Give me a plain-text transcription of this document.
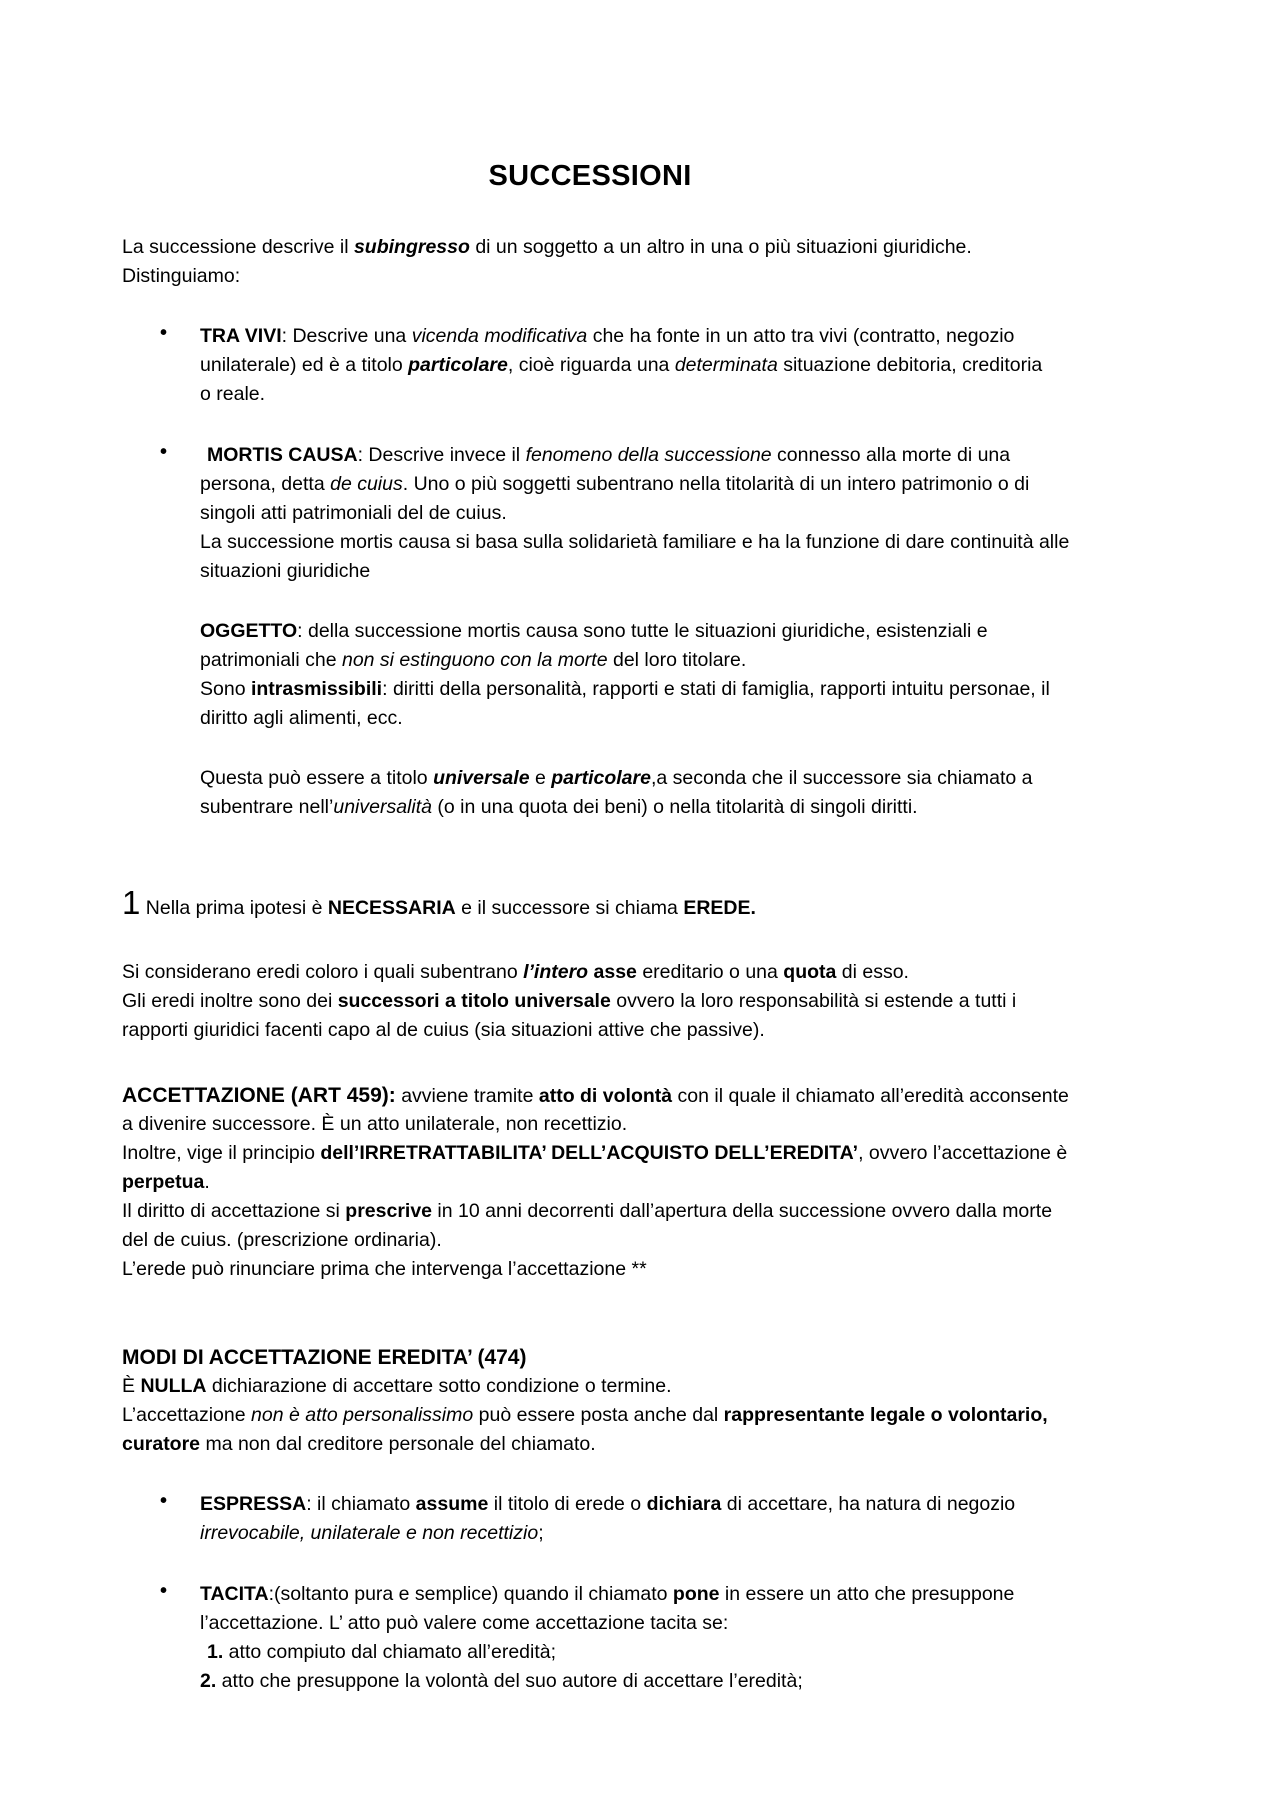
SUCCESSIONI
La successione descrive il subingresso di un soggetto a un altro in una o più situazioni giuridiche.
Distinguiamo:
• TRA VIVI: Descrive una vicenda modificativa che ha fonte in un atto tra vivi (contratto, negozio
unilaterale) ed è a titolo particolare, cioè riguarda una determinata situazione debitoria, creditoria
o reale.
• MORTIS CAUSA: Descrive invece il fenomeno della successione connesso alla morte di una
persona, detta de cuius. Uno o più soggetti subentrano nella titolarità di un intero patrimonio o di
singoli atti patrimoniali del de cuius.
La successione mortis causa si basa sulla solidarietà familiare e ha la funzione di dare continuità alle
situazioni giuridiche
OGGETTO: della successione mortis causa sono tutte le situazioni giuridiche, esistenziali e
patrimoniali che non si estinguono con la morte del loro titolare.
Sono intrasmissibili: diritti della personalità, rapporti e stati di famiglia, rapporti intuitu personae, il
diritto agli alimenti, ecc.
Questa può essere a titolo universale e particolare,a seconda che il successore sia chiamato a
subentrare nell’universalità (o in una quota dei beni) o nella titolarità di singoli diritti.
1 Nella prima ipotesi è NECESSARIA e il successore si chiama EREDE.
Si considerano eredi coloro i quali subentrano l’intero asse ereditario o una quota di esso.
Gli eredi inoltre sono dei successori a titolo universale ovvero la loro responsabilità si estende a tutti i
rapporti giuridici facenti capo al de cuius (sia situazioni attive che passive).
ACCETTAZIONE (ART 459): avviene tramite atto di volontà con il quale il chiamato all’eredità acconsente
a divenire successore. È un atto unilaterale, non recettizio.
Inoltre, vige il principio dell’IRRETRATTABILITA’ DELL’ACQUISTO DELL’EREDITA’, ovvero l’accettazione è
perpetua.
Il diritto di accettazione si prescrive in 10 anni decorrenti dall’apertura della successione ovvero dalla morte
del de cuius. (prescrizione ordinaria).
L’erede può rinunciare prima che intervenga l’accettazione **
MODI DI ACCETTAZIONE EREDITA’ (474)
È NULLA dichiarazione di accettare sotto condizione o termine.
L’accettazione non è atto personalissimo può essere posta anche dal rappresentante legale o volontario,
curatore ma non dal creditore personale del chiamato.
• ESPRESSA: il chiamato assume il titolo di erede o dichiara di accettare, ha natura di negozio
irrevocabile, unilaterale e non recettizio;
• TACITA:(soltanto pura e semplice) quando il chiamato pone in essere un atto che presuppone
l’accettazione. L’ atto può valere come accettazione tacita se:
1. atto compiuto dal chiamato all’eredità;
2. atto che presuppone la volontà del suo autore di accettare l’eredità;
